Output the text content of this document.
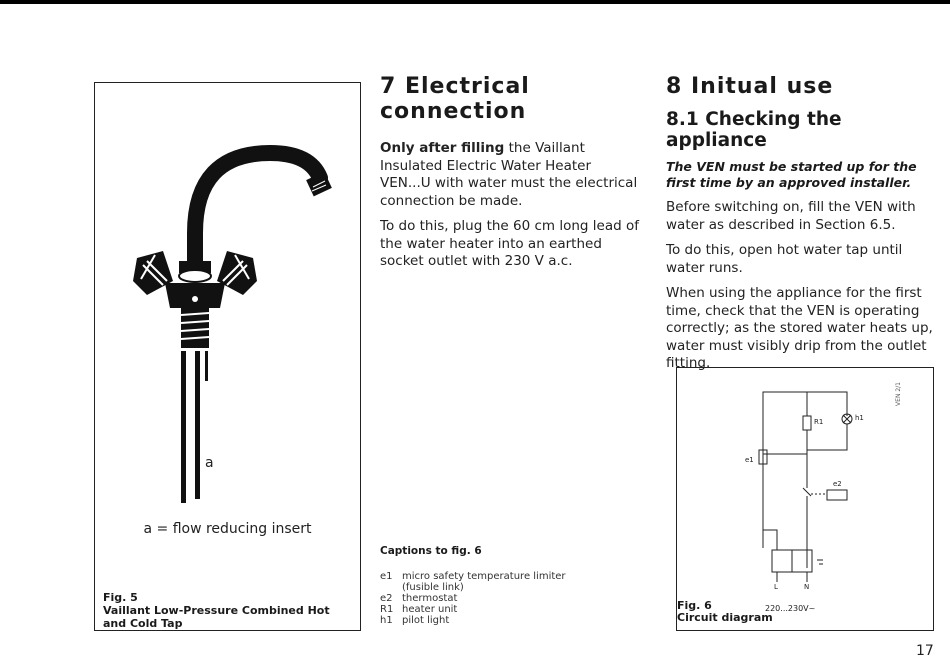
a
a = flow reducing insert
Fig. 5
Vaillant Low-Pressure Combined Hot and Cold Tap
7 Electrical connection

Only after filling the Vaillant Insulated Electric Water Heater VEN...U with water must the electrical connection be made.

To do this, plug the 60 cm long lead of the water heater into an earthed socket outlet with 230 V a.c.

Captions to fig. 6
e1 micro safety temperature limiter
(fusible link)
e2 thermostat
R1 heater unit
h1 pilot light
8 Initual use
8.1 Checking the appliance

The VEN must be started up for the first time by an approved installer.

Before switching on, fill the VEN with water as described in Section 6.5.

To do this, open hot water tap until water runs.

When using the appliance for the first time, check that the VEN is operating correctly; as the stored water heats up, water must visibly drip from the outlet fitting.

R1	h1
e1
e2
L	N
VEN 2/1
Fig. 6
Circuit diagram
220...230V~
17
